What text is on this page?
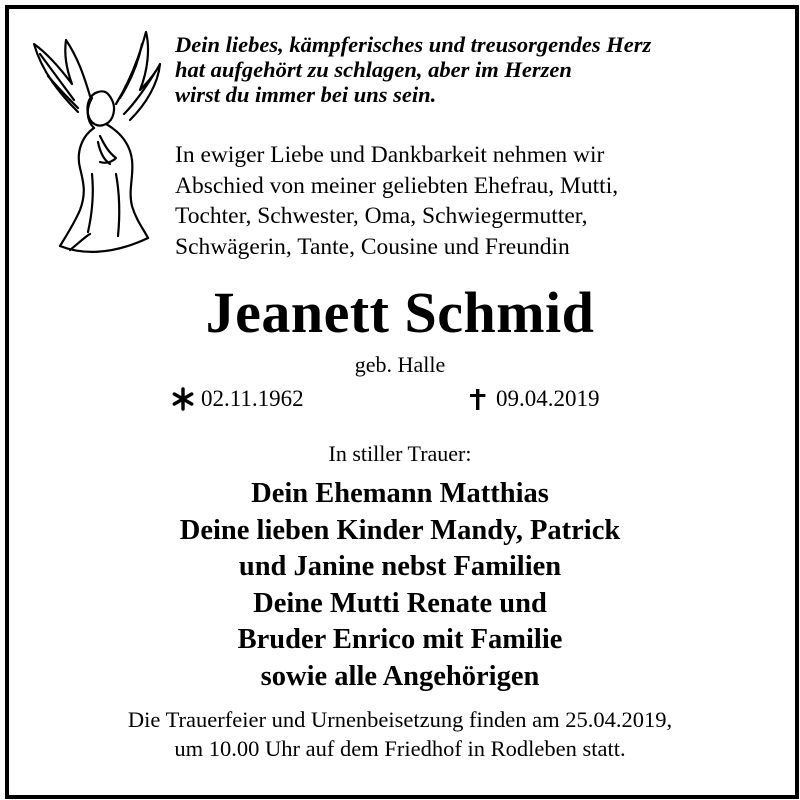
Dein liebes, kämpferisches und treusorgendes Herz
hat aufgehört zu schlagen, aber im Herzen
wirst du immer bei uns sein.
In ewiger Liebe und Dankbarkeit nehmen wir
Abschied von meiner geliebten Ehefrau, Mutti,
Tochter, Schwester, Oma, Schwiegermutter,
Schwägerin, Tante, Cousine und Freundin
Jeanett Schmid
geb. Halle
02.11.1962	09.04.2019
In stiller Trauer:
Dein Ehemann Matthias
Deine lieben Kinder Mandy, Patrick
und Janine nebst Familien
Deine Mutti Renate und
Bruder Enrico mit Familie
sowie alle Angehörigen
Die Trauerfeier und Urnenbeisetzung finden am 25.04.2019,
um 10.00 Uhr auf dem Friedhof in Rodleben statt.
